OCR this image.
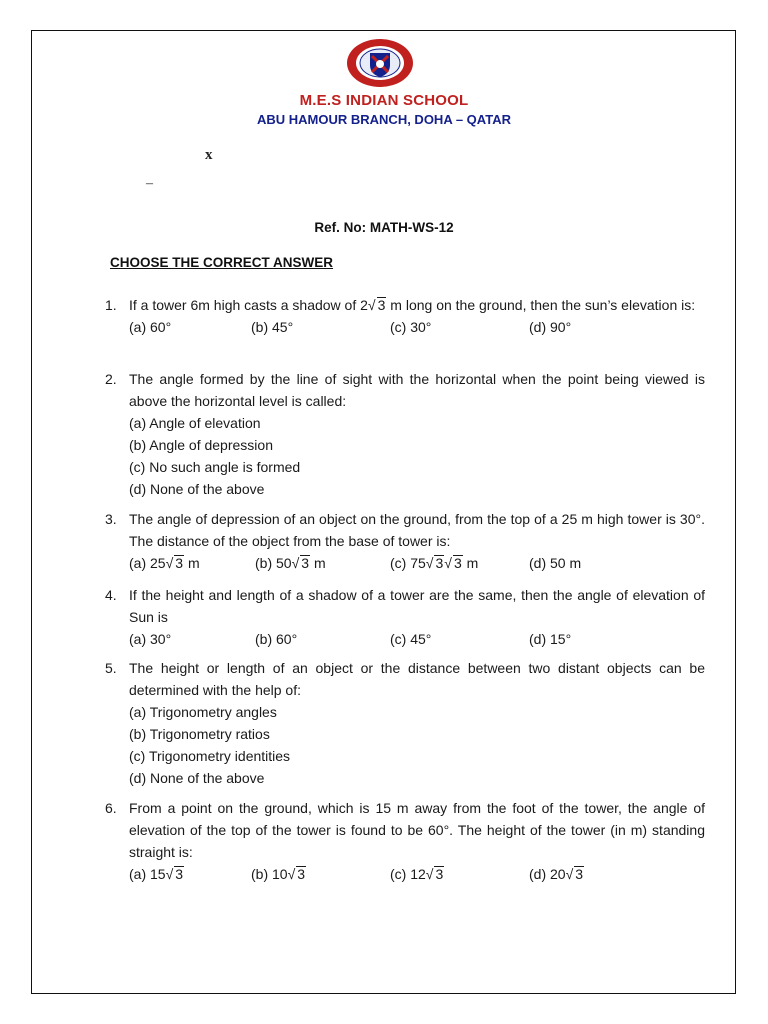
M.E.S INDIAN SCHOOL
ABU HAMOUR BRANCH, DOHA – QATAR
x
–
Ref. No: MATH-WS-12
CHOOSE THE CORRECT ANSWER
1. If a tower 6m high casts a shadow of 2√ 3 m long on the ground, then the sun’s elevation is:
(a) 60°	(b) 45°	(c) 30°	(d) 90°
2. The angle formed by the line of sight with the horizontal when the point being viewed is above the horizontal level is called:
(a) Angle of elevation
(b) Angle of depression
(c) No such angle is formed
(d) None of the above
3. The angle of depression of an object on the ground, from the top of a 25 m high tower is 30°. The distance of the object from the base of tower is:
(a) 25√ 3 m	(b) 50√ 3 m	(c) 75√ 3√ 3 m	(d) 50 m
4. If the height and length of a shadow of a tower are the same, then the angle of elevation of Sun is
(a) 30°	(b) 60°	(c) 45°	(d) 15°
5. The height or length of an object or the distance between two distant objects can be determined with the help of:
(a) Trigonometry angles
(b) Trigonometry ratios
(c) Trigonometry identities
(d) None of the above
6. From a point on the ground, which is 15 m away from the foot of the tower, the angle of elevation of the top of the tower is found to be 60°. The height of the tower (in m) standing straight is:
(a) 15√ 3	(b) 10√ 3	(c) 12√ 3	(d) 20√ 3
